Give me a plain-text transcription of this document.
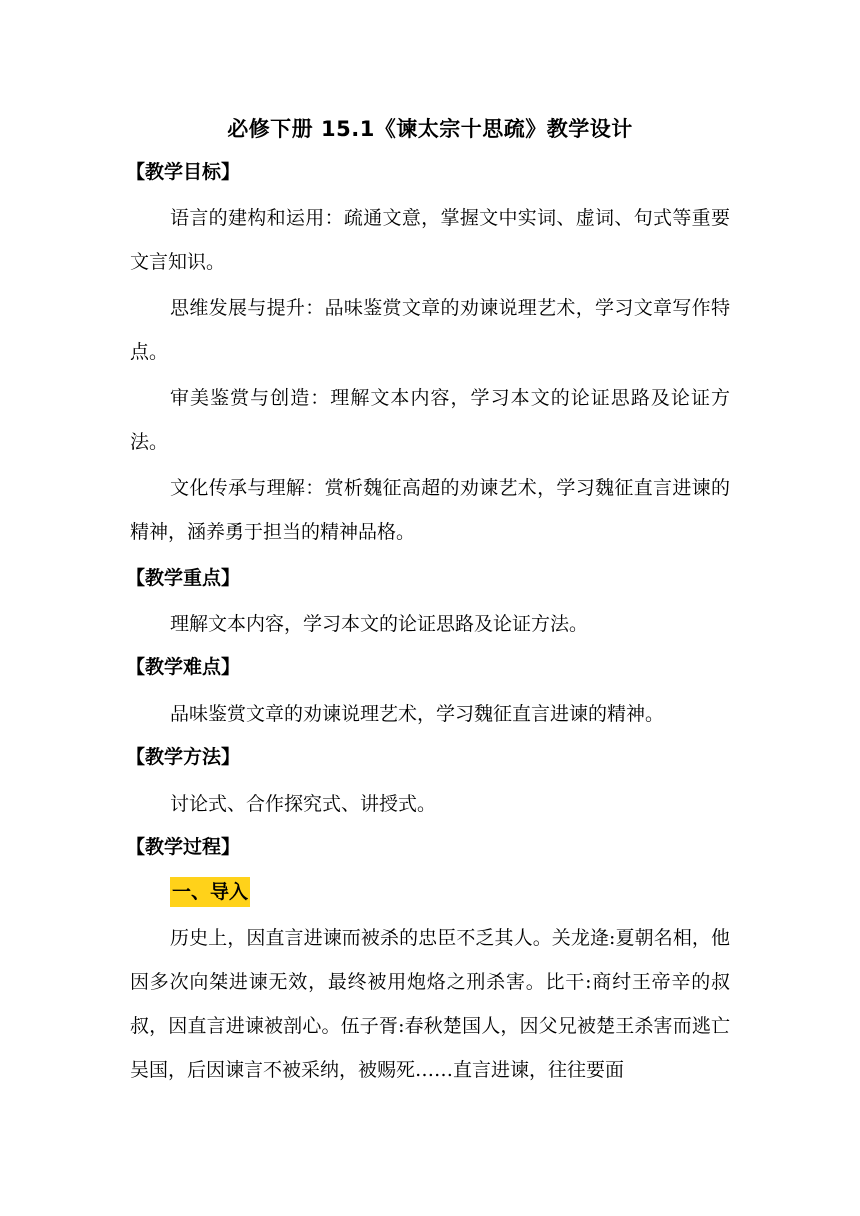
必修下册 15.1《谏太宗十思疏》教学设计
【教学目标】
语言的建构和运用：疏通文意，掌握文中实词、虚词、句式等重要文言知识。
思维发展与提升：品味鉴赏文章的劝谏说理艺术，学习文章写作特点。
审美鉴赏与创造：理解文本内容，学习本文的论证思路及论证方法。
文化传承与理解：赏析魏征高超的劝谏艺术，学习魏征直言进谏的精神，涵养勇于担当的精神品格。
【教学重点】
理解文本内容，学习本文的论证思路及论证方法。
【教学难点】
品味鉴赏文章的劝谏说理艺术，学习魏征直言进谏的精神。
【教学方法】
讨论式、合作探究式、讲授式。
【教学过程】
一、导入
历史上，因直言进谏而被杀的忠臣不乏其人。关龙逄:夏朝名相，他因多次向桀进谏无效，最终被用炮烙之刑杀害。比干:商纣王帝辛的叔叔，因直言进谏被剖心。伍子胥:春秋楚国人，因父兄被楚王杀害而逃亡吴国，后因谏言不被采纳，被赐死……直言进谏，往往要面
